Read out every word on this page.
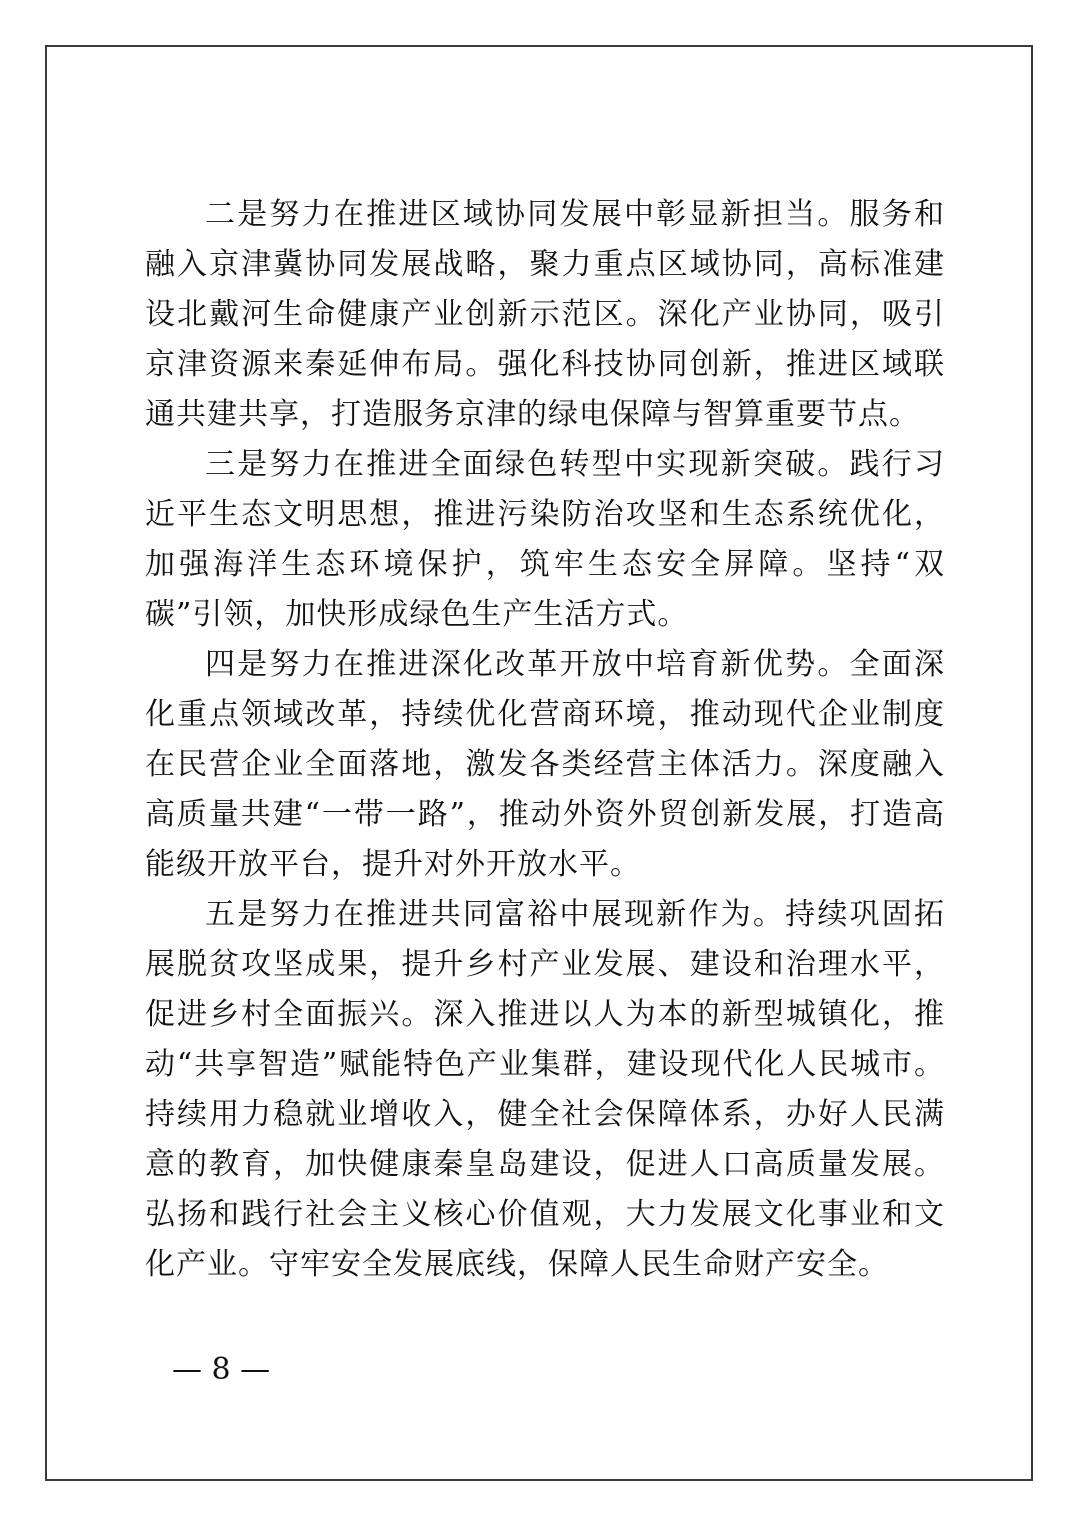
二是努力在推进区域协同发展中彰显新担当。服务和融入京津冀协同发展战略，聚力重点区域协同，高标准建设北戴河生命健康产业创新示范区。深化产业协同，吸引京津资源来秦延伸布局。强化科技协同创新，推进区域联通共建共享，打造服务京津的绿电保障与智算重要节点。

三是努力在推进全面绿色转型中实现新突破。践行习近平生态文明思想，推进污染防治攻坚和生态系统优化，加强海洋生态环境保护，筑牢生态安全屏障。坚持“双碳”引领，加快形成绿色生产生活方式。

四是努力在推进深化改革开放中培育新优势。全面深化重点领域改革，持续优化营商环境，推动现代企业制度在民营企业全面落地，激发各类经营主体活力。深度融入高质量共建“一带一路”，推动外资外贸创新发展，打造高能级开放平台，提升对外开放水平。

五是努力在推进共同富裕中展现新作为。持续巩固拓展脱贫攻坚成果，提升乡村产业发展、建设和治理水平，促进乡村全面振兴。深入推进以人为本的新型城镇化，推动“共享智造”赋能特色产业集群，建设现代化人民城市。持续用力稳就业增收入，健全社会保障体系，办好人民满意的教育，加快健康秦皇岛建设，促进人口高质量发展。弘扬和践行社会主义核心价值观，大力发展文化事业和文化产业。守牢安全发展底线，保障人民生命财产安全。

— 8 —
